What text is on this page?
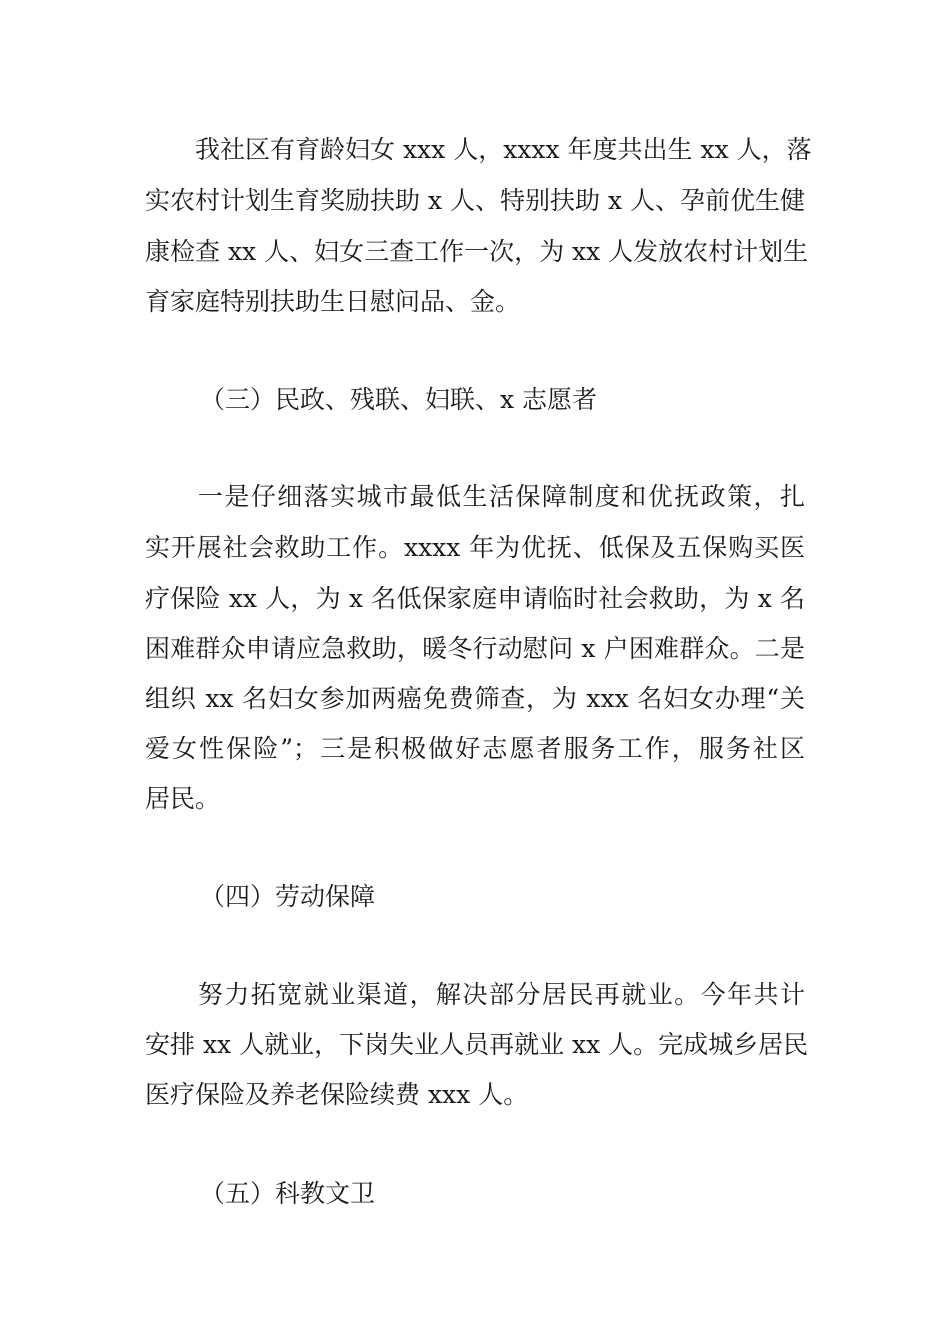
　　我社区有育龄妇女 xxx 人，xxxx 年度共出生 xx 人，落
实农村计划生育奖励扶助 x 人、特别扶助 x 人、孕前优生健
康检查 xx 人、妇女三查工作一次，为 xx 人发放农村计划生
育家庭特别扶助生日慰问品、金。
（三）民政、残联、妇联、x 志愿者
　　一是仔细落实城市最低生活保障制度和优抚政策，扎
实开展社会救助工作。xxxx 年为优抚、低保及五保购买医
疗保险 xx 人，为 x 名低保家庭申请临时社会救助，为 x 名
困难群众申请应急救助，暖冬行动慰问 x 户困难群众。二是
组织 xx 名妇女参加两癌免费筛查，为 xxx 名妇女办理“关
爱女性保险”；三是积极做好志愿者服务工作，服务社区
居民。
（四）劳动保障
　　努力拓宽就业渠道，解决部分居民再就业。今年共计
安排 xx 人就业，下岗失业人员再就业 xx 人。完成城乡居民
医疗保险及养老保险续费 xxx 人。
（五）科教文卫
